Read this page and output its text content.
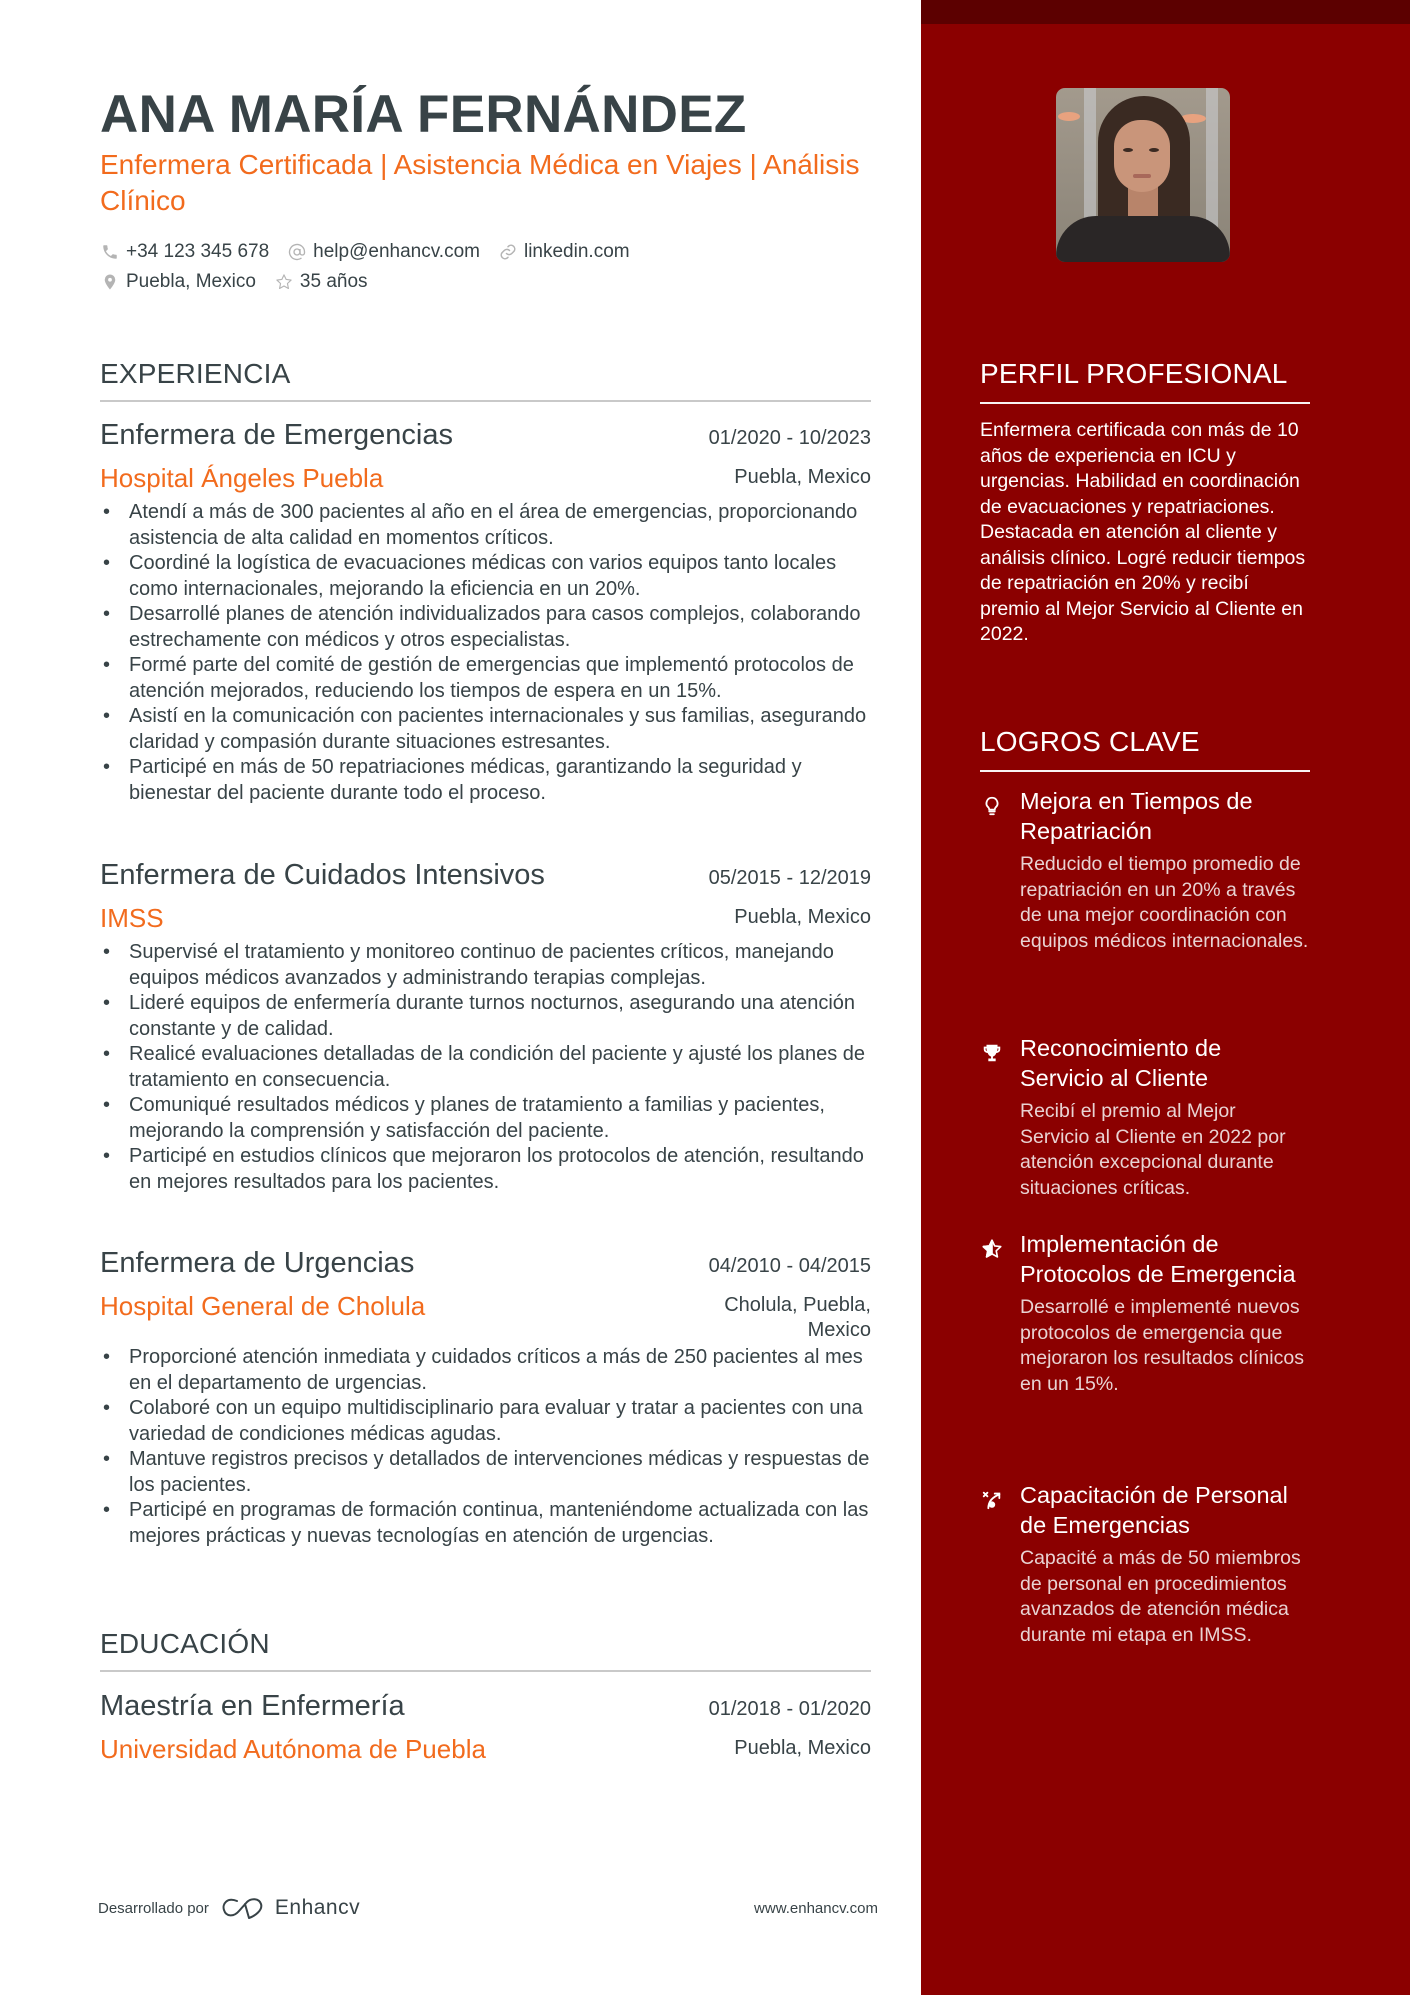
ANA MARÍA FERNÁNDEZ
Enfermera Certificada | Asistencia Médica en Viajes | Análisis Clínico
+34 123 345 678 help@enhancv.com linkedin.com
Puebla, Mexico 35 años
EXPERIENCIA
Enfermera de Emergencias	01/2020 - 10/2023
Hospital Ángeles Puebla	Puebla, Mexico
• Atendí a más de 300 pacientes al año en el área de emergencias, proporcionando asistencia de alta calidad en momentos críticos.
• Coordiné la logística de evacuaciones médicas con varios equipos tanto locales como internacionales, mejorando la eficiencia en un 20%.
• Desarrollé planes de atención individualizados para casos complejos, colaborando estrechamente con médicos y otros especialistas.
• Formé parte del comité de gestión de emergencias que implementó protocolos de atención mejorados, reduciendo los tiempos de espera en un 15%.
• Asistí en la comunicación con pacientes internacionales y sus familias, asegurando claridad y compasión durante situaciones estresantes.
• Participé en más de 50 repatriaciones médicas, garantizando la seguridad y bienestar del paciente durante todo el proceso.
Enfermera de Cuidados Intensivos	05/2015 - 12/2019
IMSS	Puebla, Mexico
• Supervisé el tratamiento y monitoreo continuo de pacientes críticos, manejando equipos médicos avanzados y administrando terapias complejas.
• Lideré equipos de enfermería durante turnos nocturnos, asegurando una atención constante y de calidad.
• Realicé evaluaciones detalladas de la condición del paciente y ajusté los planes de tratamiento en consecuencia.
• Comuniqué resultados médicos y planes de tratamiento a familias y pacientes, mejorando la comprensión y satisfacción del paciente.
• Participé en estudios clínicos que mejoraron los protocolos de atención, resultando en mejores resultados para los pacientes.
Enfermera de Urgencias	04/2010 - 04/2015
Hospital General de Cholula	Cholula, Puebla, Mexico
• Proporcioné atención inmediata y cuidados críticos a más de 250 pacientes al mes en el departamento de urgencias.
• Colaboré con un equipo multidisciplinario para evaluar y tratar a pacientes con una variedad de condiciones médicas agudas.
• Mantuve registros precisos y detallados de intervenciones médicas y respuestas de los pacientes.
• Participé en programas de formación continua, manteniéndome actualizada con las mejores prácticas y nuevas tecnologías en atención de urgencias.
EDUCACIÓN
Maestría en Enfermería	01/2018 - 01/2020
Universidad Autónoma de Puebla	Puebla, Mexico
Desarrollado por	Enhancv	www.enhancv.com
PERFIL PROFESIONAL
Enfermera certificada con más de 10 años de experiencia en ICU y urgencias. Habilidad en coordinación de evacuaciones y repatriaciones. Destacada en atención al cliente y análisis clínico. Logré reducir tiempos de repatriación en 20% y recibí premio al Mejor Servicio al Cliente en 2022.
LOGROS CLAVE
Mejora en Tiempos de Repatriación
Reducido el tiempo promedio de repatriación en un 20% a través de una mejor coordinación con equipos médicos internacionales.
Reconocimiento de Servicio al Cliente
Recibí el premio al Mejor Servicio al Cliente en 2022 por atención excepcional durante situaciones críticas.
Implementación de Protocolos de Emergencia
Desarrollé e implementé nuevos protocolos de emergencia que mejoraron los resultados clínicos en un 15%.
Capacitación de Personal de Emergencias
Capacité a más de 50 miembros de personal en procedimientos avanzados de atención médica durante mi etapa en IMSS.
